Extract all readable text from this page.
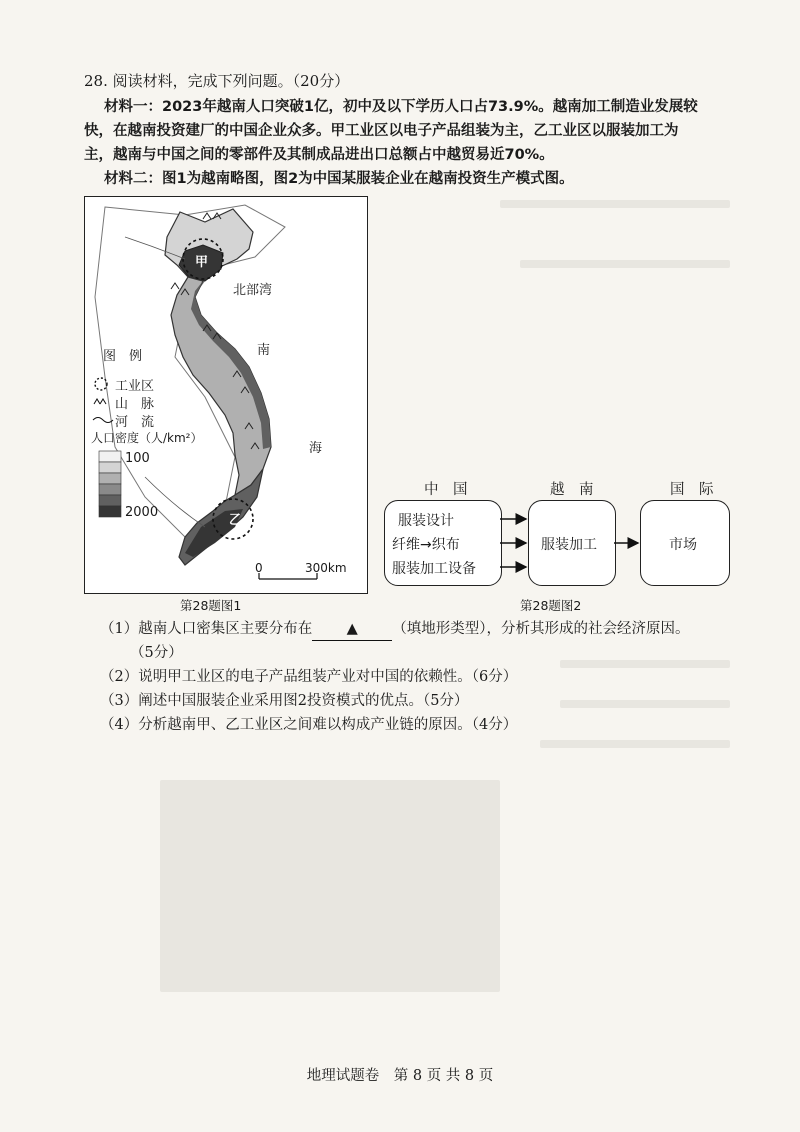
28. 阅读材料，完成下列问题。（20分）
材料一：2023年越南人口突破1亿，初中及以下学历人口占73.9%。越南加工制造业发展较
快，在越南投资建厂的中国企业众多。甲工业区以电子产品组装为主，乙工业区以服装加工为
主，越南与中国之间的零部件及其制成品进出口总额占中越贸易近70%。
材料二：图1为越南略图，图2为中国某服装企业在越南投资生产模式图。
图　例
工业区
山　脉
河　流
人口密度（人/km²）
100
2000
甲
乙
北部湾
南
海
0	300km
第28题图1
中　国	越　南	国　际
服装设计
纤维→织布
服装加工设备
服装加工	市场
第28题图2
（1）越南人口密集区主要分布在 ▲ （填地形类型），分析其形成的社会经济原因。
（5分）
（2）说明甲工业区的电子产品组装产业对中国的依赖性。（6分）
（3）阐述中国服装企业采用图2投资模式的优点。（5分）
（4）分析越南甲、乙工业区之间难以构成产业链的原因。（4分）
地理试题卷　第 8 页 共 8 页
